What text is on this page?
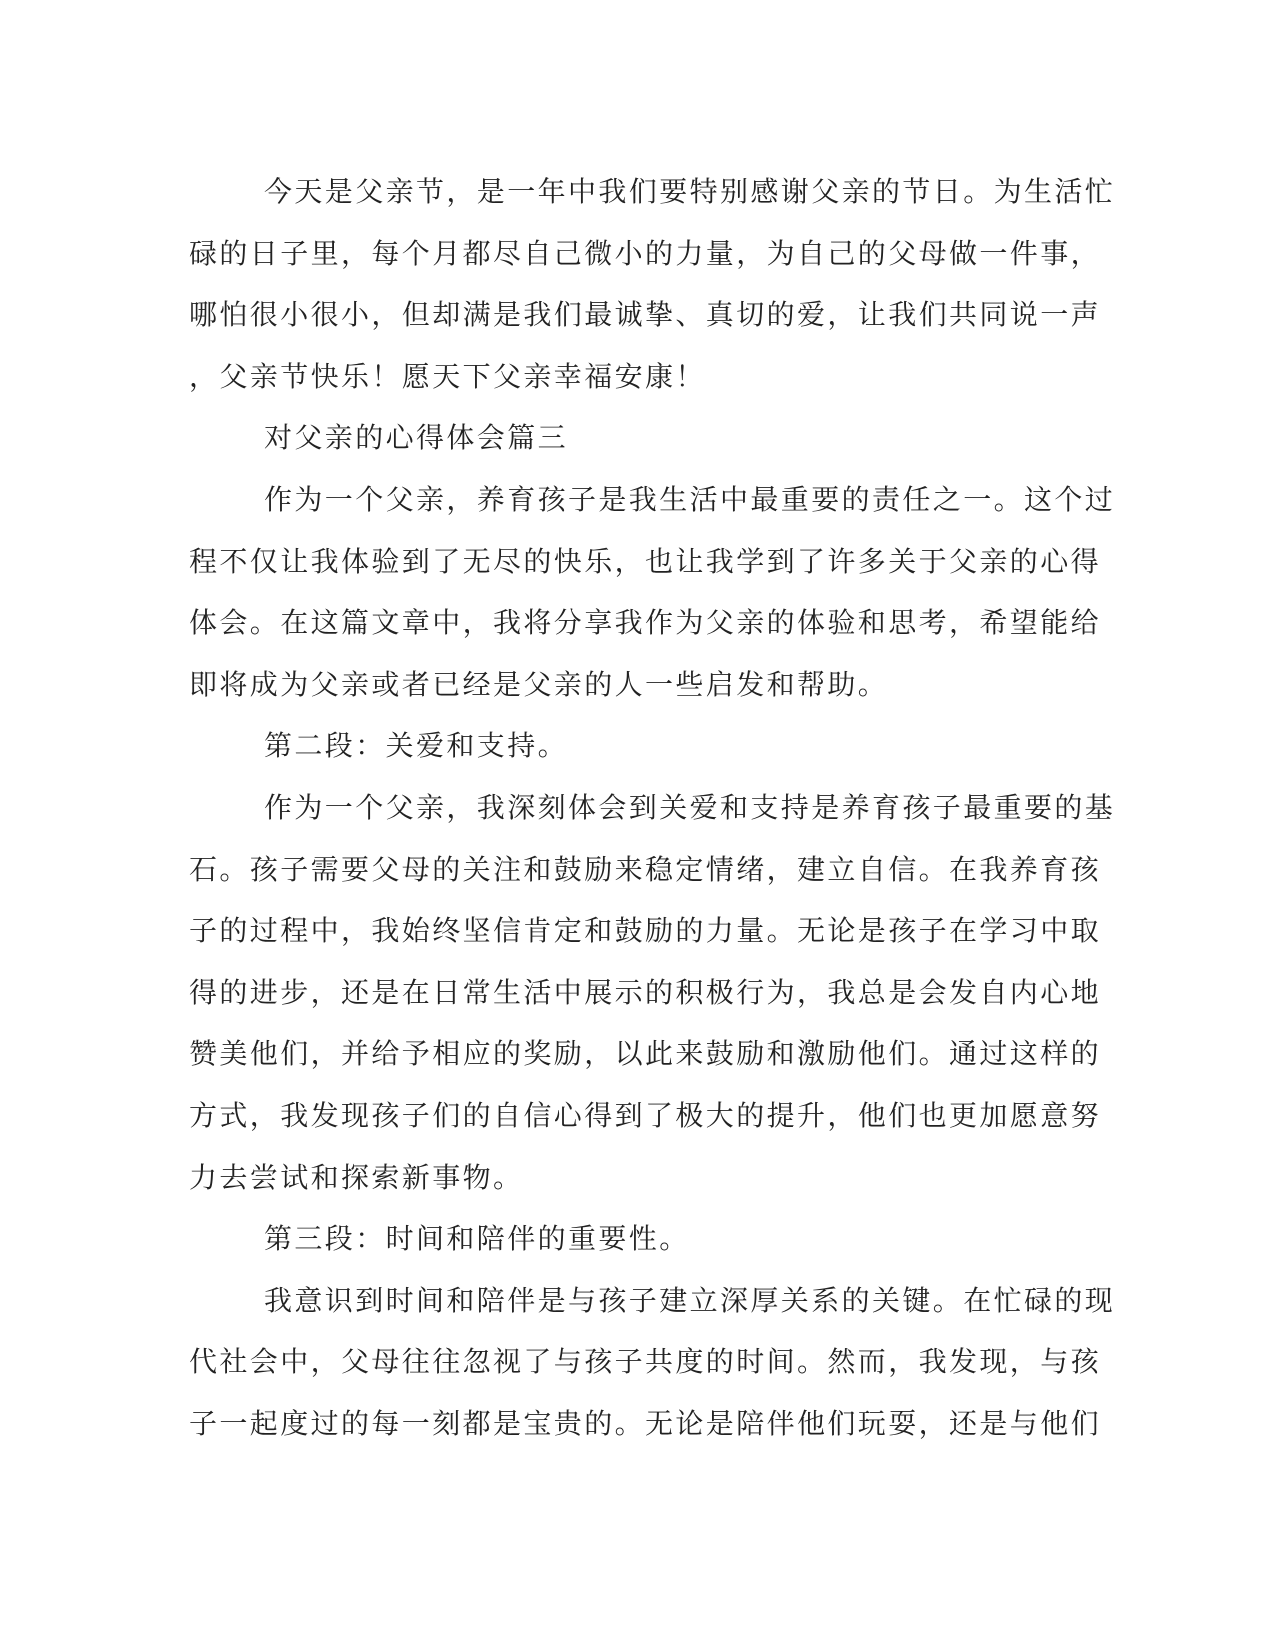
今天是父亲节，是一年中我们要特别感谢父亲的节日。为生活忙
碌的日子里，每个月都尽自己微小的力量，为自己的父母做一件事，
哪怕很小很小，但却满是我们最诚挚、真切的爱，让我们共同说一声
，父亲节快乐！愿天下父亲幸福安康！
对父亲的心得体会篇三
作为一个父亲，养育孩子是我生活中最重要的责任之一。这个过
程不仅让我体验到了无尽的快乐，也让我学到了许多关于父亲的心得
体会。在这篇文章中，我将分享我作为父亲的体验和思考，希望能给
即将成为父亲或者已经是父亲的人一些启发和帮助。
第二段：关爱和支持。
作为一个父亲，我深刻体会到关爱和支持是养育孩子最重要的基
石。孩子需要父母的关注和鼓励来稳定情绪，建立自信。在我养育孩
子的过程中，我始终坚信肯定和鼓励的力量。无论是孩子在学习中取
得的进步，还是在日常生活中展示的积极行为，我总是会发自内心地
赞美他们，并给予相应的奖励，以此来鼓励和激励他们。通过这样的
方式，我发现孩子们的自信心得到了极大的提升，他们也更加愿意努
力去尝试和探索新事物。
第三段：时间和陪伴的重要性。
我意识到时间和陪伴是与孩子建立深厚关系的关键。在忙碌的现
代社会中，父母往往忽视了与孩子共度的时间。然而，我发现，与孩
子一起度过的每一刻都是宝贵的。无论是陪伴他们玩耍，还是与他们
